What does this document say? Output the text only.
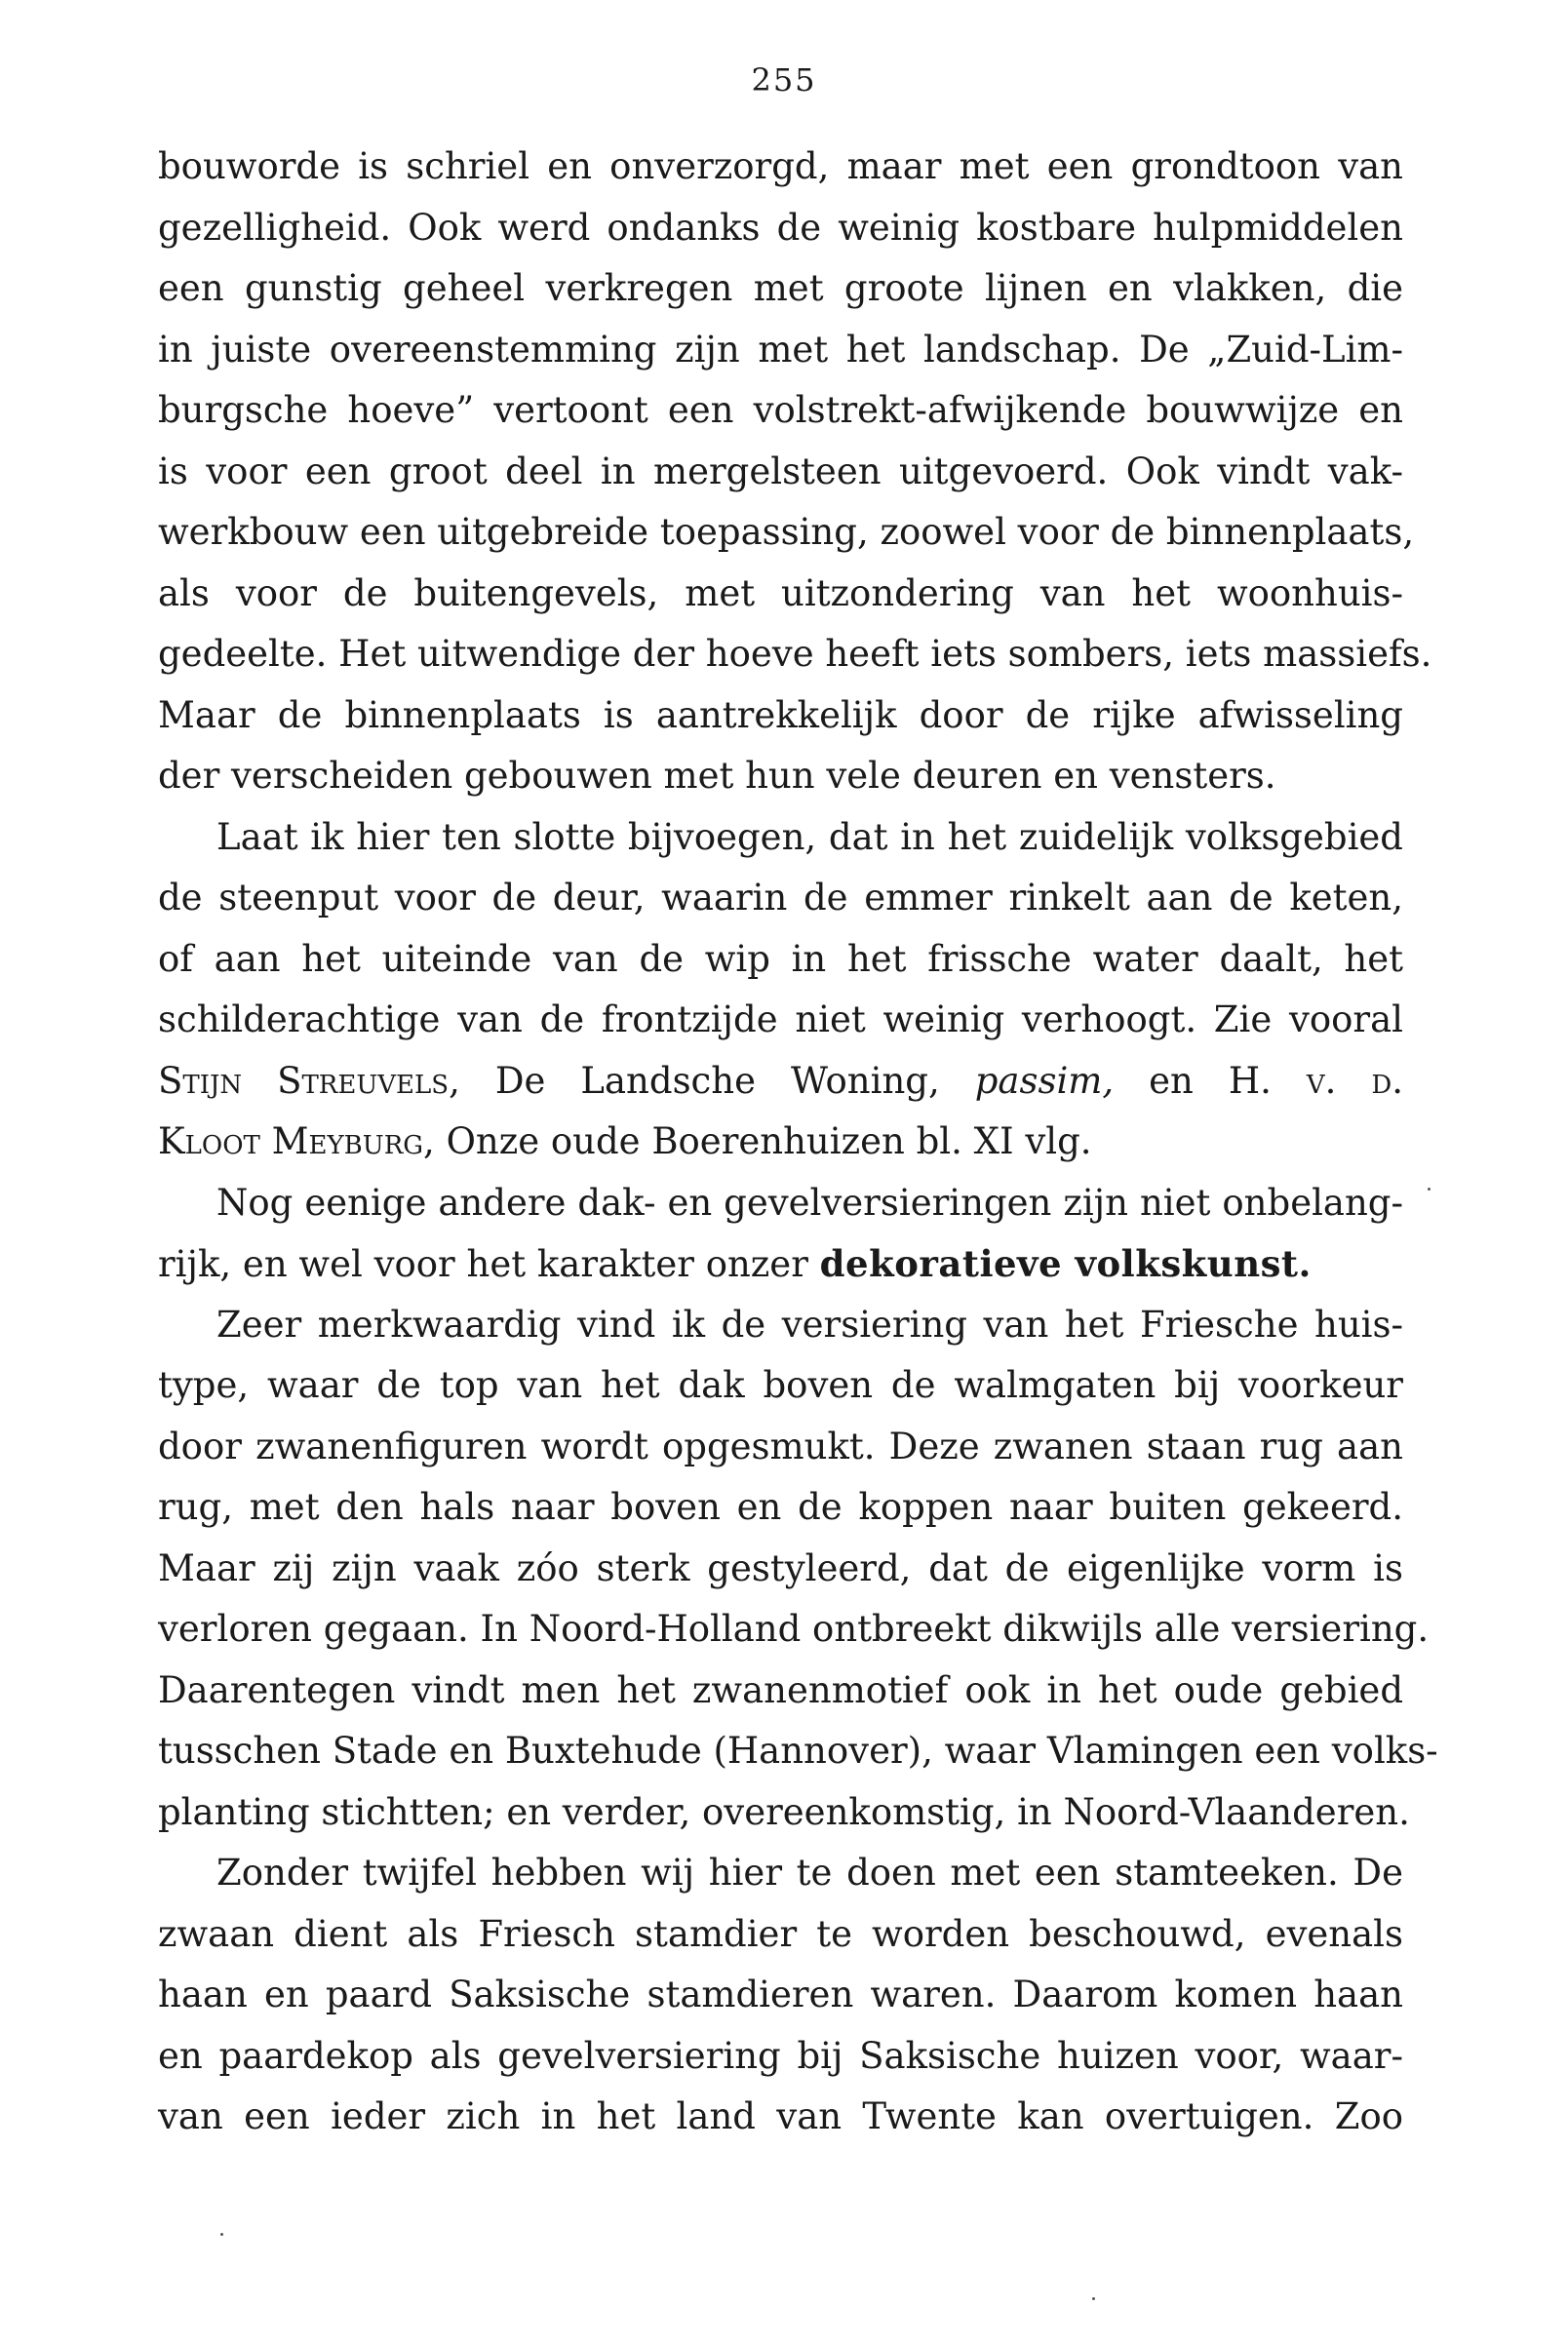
255
bouworde is schriel en onverzorgd, maar met een grondtoon van
gezelligheid. Ook werd ondanks de weinig kostbare hulpmiddelen
een gunstig geheel verkregen met groote lijnen en vlakken, die
in juiste overeenstemming zijn met het landschap. De „Zuid-Lim-
burgsche hoeve” vertoont een volstrekt-afwijkende bouwwijze en
is voor een groot deel in mergelsteen uitgevoerd. Ook vindt vak-
werkbouw een uitgebreide toepassing, zoowel voor de binnenplaats,
als voor de buitengevels, met uitzondering van het woonhuis-
gedeelte. Het uitwendige der hoeve heeft iets sombers, iets massiefs.
Maar de binnenplaats is aantrekkelijk door de rijke afwisseling
der verscheiden gebouwen met hun vele deuren en vensters.
Laat ik hier ten slotte bijvoegen, dat in het zuidelijk volksgebied
de steenput voor de deur, waarin de emmer rinkelt aan de keten,
of aan het uiteinde van de wip in het frissche water daalt, het
schilderachtige van de frontzijde niet weinig verhoogt. Zie vooral
Stijn Streuvels, De Landsche Woning, passim, en H. v. d.
Kloot Meyburg, Onze oude Boerenhuizen bl. XI vlg.
Nog eenige andere dak- en gevelversieringen zijn niet onbelang-
rijk, en wel voor het karakter onzer dekoratieve volkskunst.
Zeer merkwaardig vind ik de versiering van het Friesche huis-
type, waar de top van het dak boven de walmgaten bij voorkeur
door zwanenfiguren wordt opgesmukt. Deze zwanen staan rug aan
rug, met den hals naar boven en de koppen naar buiten gekeerd.
Maar zij zijn vaak zóo sterk gestyleerd, dat de eigenlijke vorm is
verloren gegaan. In Noord-Holland ontbreekt dikwijls alle versiering.
Daarentegen vindt men het zwanenmotief ook in het oude gebied
tusschen Stade en Buxtehude (Hannover), waar Vlamingen een volks-
planting stichtten; en verder, overeenkomstig, in Noord-Vlaanderen.
Zonder twijfel hebben wij hier te doen met een stamteeken. De
zwaan dient als Friesch stamdier te worden beschouwd, evenals
haan en paard Saksische stamdieren waren. Daarom komen haan
en paardekop als gevelversiering bij Saksische huizen voor, waar-
van een ieder zich in het land van Twente kan overtuigen. Zoo
